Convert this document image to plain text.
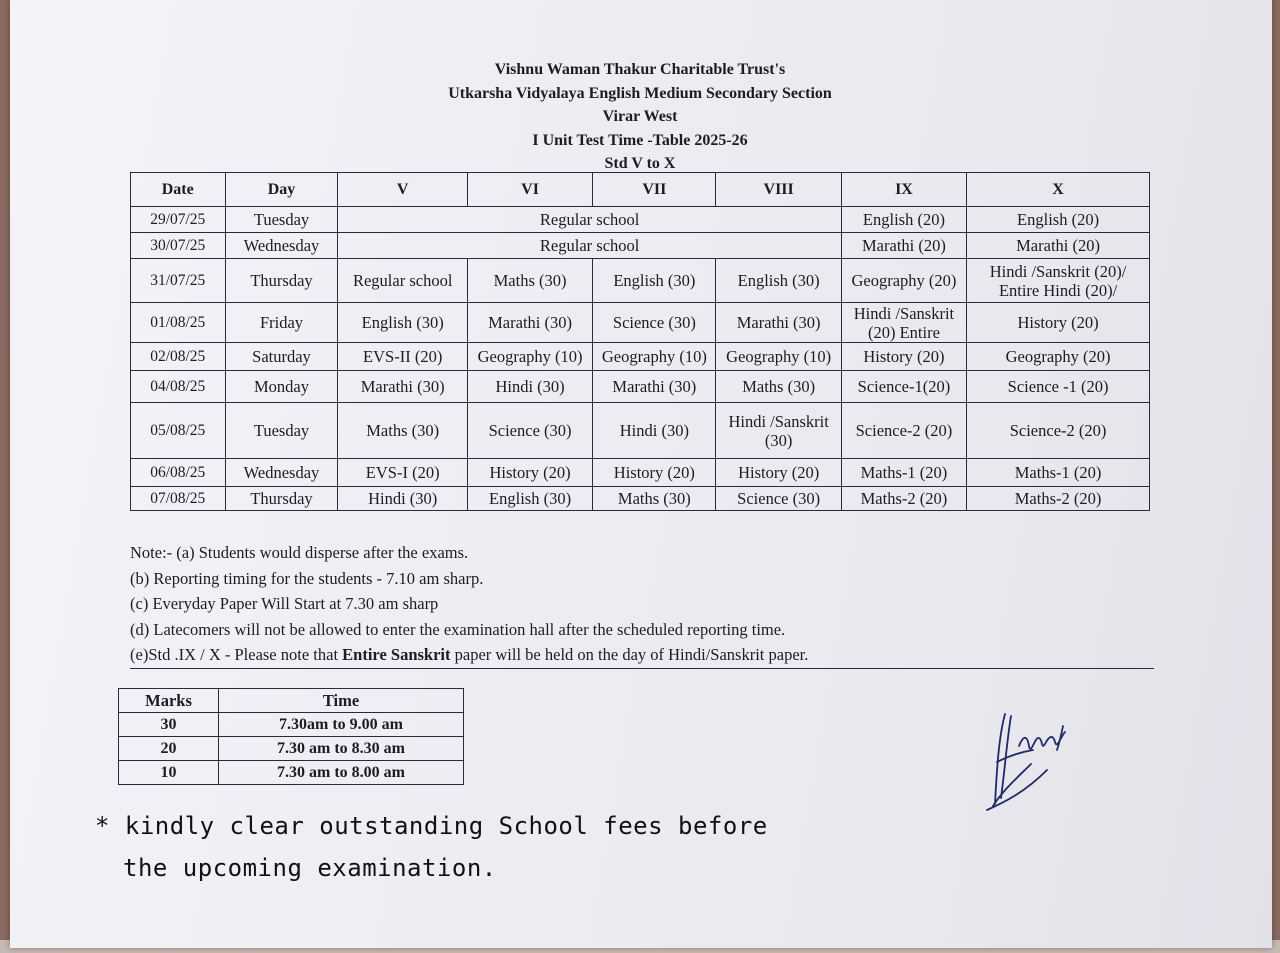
Vishnu Waman Thakur Charitable Trust's
Utkarsha Vidyalaya English Medium Secondary Section
Virar West
I Unit Test Time -Table 2025-26
Std V to X
Date	Day	V	VI	VII	VIII	IX	X
29/07/25	Tuesday	Regular school				English (20)	English (20)
30/07/25	Wednesday	Regular school				Marathi (20)	Marathi (20)
31/07/25	Thursday	Regular school	Maths (30)	English (30)	English (30)	Geography (20)	Hindi /Sanskrit (20)/ Entire Hindi (20)/
01/08/25	Friday	English (30)	Marathi (30)	Science (30)	Marathi (30)	Hindi /Sanskrit (20) Entire	History (20)
02/08/25	Saturday	EVS-II (20)	Geography (10)	Geography (10)	Geography (10)	History (20)	Geography (20)
04/08/25	Monday	Marathi (30)	Hindi (30)	Marathi (30)	Maths (30)	Science-1(20)	Science -1 (20)
05/08/25	Tuesday	Maths (30)	Science (30)	Hindi (30)	Hindi /Sanskrit (30)	Science-2 (20)	Science-2 (20)
06/08/25	Wednesday	EVS-I (20)	History (20)	History (20)	History (20)	Maths-1 (20)	Maths-1 (20)
07/08/25	Thursday	Hindi (30)	English (30)	Maths (30)	Science (30)	Maths-2 (20)	Maths-2 (20)
Note:- (a) Students would disperse after the exams.
(b) Reporting timing for the students - 7.10 am sharp.
(c) Everyday Paper Will Start at 7.30 am sharp
(d) Latecomers will not be allowed to enter the examination hall after the scheduled reporting time.
(e)Std .IX / X - Please note that Entire Sanskrit paper will be held on the day of Hindi/Sanskrit paper.
Marks	Time
30	7.30am to 9.00 am
20	7.30 am to 8.30 am
10	7.30 am to 8.00 am
* kindly clear outstanding School fees before
the upcoming examination.
